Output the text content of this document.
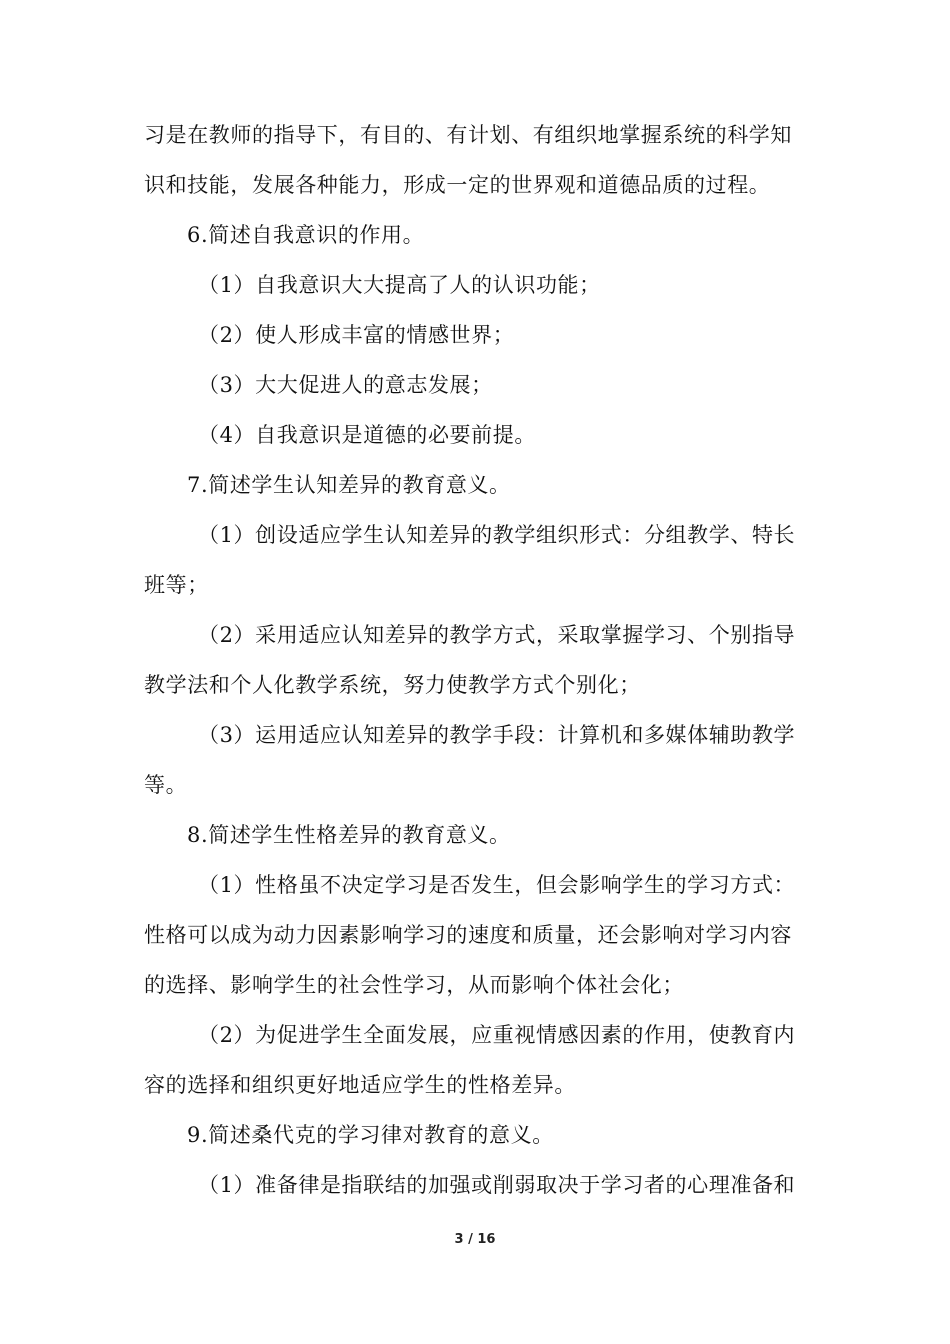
习是在教师的指导下，有目的、有计划、有组织地掌握系统的科学知
识和技能，发展各种能力，形成一定的世界观和道德品质的过程。
6.简述自我意识的作用。
（1）自我意识大大提高了人的认识功能；
（2）使人形成丰富的情感世界；
（3）大大促进人的意志发展；
（4）自我意识是道德的必要前提。
7.简述学生认知差异的教育意义。
（1）创设适应学生认知差异的教学组织形式：分组教学、特长
班等；
（2）采用适应认知差异的教学方式，采取掌握学习、个别指导
教学法和个人化教学系统，努力使教学方式个别化；
（3）运用适应认知差异的教学手段：计算机和多媒体辅助教学
等。
8.简述学生性格差异的教育意义。
（1）性格虽不决定学习是否发生，但会影响学生的学习方式：
性格可以成为动力因素影响学习的速度和质量，还会影响对学习内容
的选择、影响学生的社会性学习，从而影响个体社会化；
（2）为促进学生全面发展，应重视情感因素的作用，使教育内
容的选择和组织更好地适应学生的性格差异。
9.简述桑代克的学习律对教育的意义。
（1）准备律是指联结的加强或削弱取决于学习者的心理准备和
3 / 16
